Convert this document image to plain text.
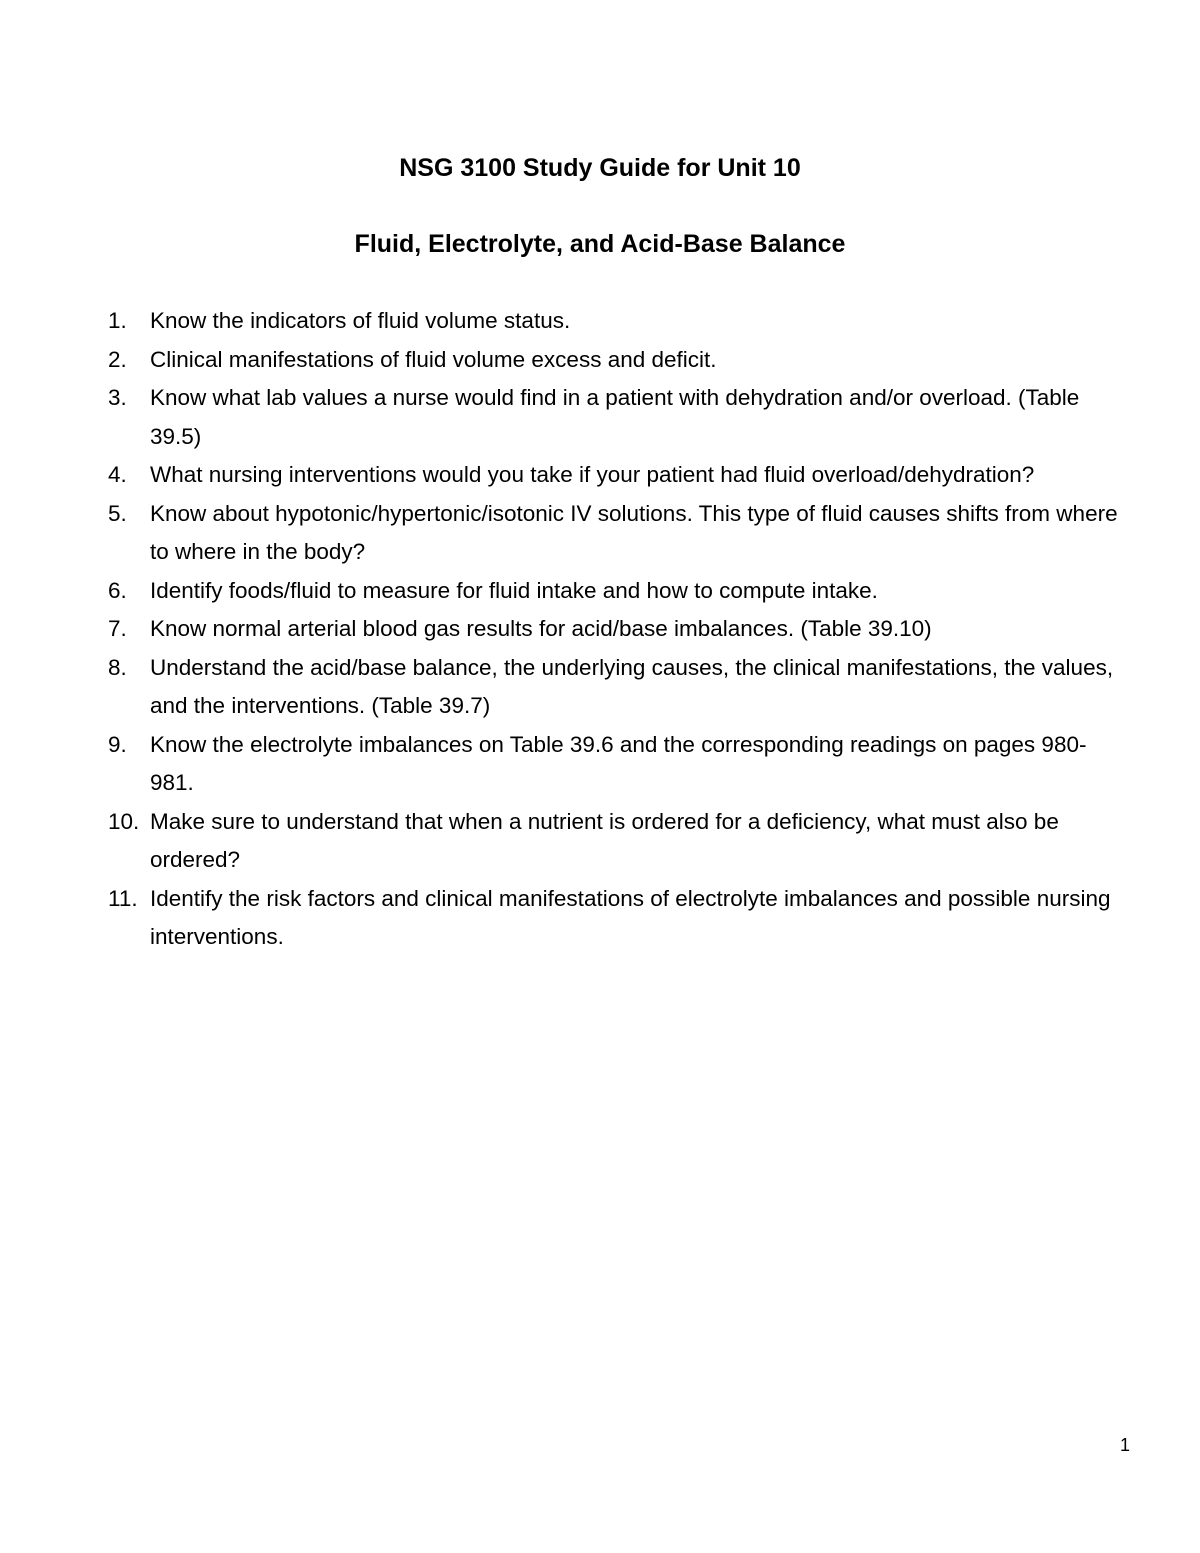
NSG 3100 Study Guide for Unit 10
Fluid, Electrolyte, and Acid-Base Balance
1.	Know the indicators of fluid volume status.
2.	Clinical manifestations of fluid volume excess and deficit.
3.	Know what lab values a nurse would find in a patient with dehydration and/or overload. (Table 39.5)
4.	What nursing interventions would you take if your patient had fluid overload/dehydration?
5.	Know about hypotonic/hypertonic/isotonic IV solutions. This type of fluid causes shifts from where to where in the body?
6.	Identify foods/fluid to measure for fluid intake and how to compute intake.
7.	Know normal arterial blood gas results for acid/base imbalances. (Table 39.10)
8.	Understand the acid/base balance, the underlying causes, the clinical manifestations, the values, and the interventions. (Table 39.7)
9.	Know the electrolyte imbalances on Table 39.6 and the corresponding readings on pages 980-981.
10. Make sure to understand that when a nutrient is ordered for a deficiency, what must also be ordered?
11. Identify the risk factors and clinical manifestations of electrolyte imbalances and possible nursing interventions.
1
